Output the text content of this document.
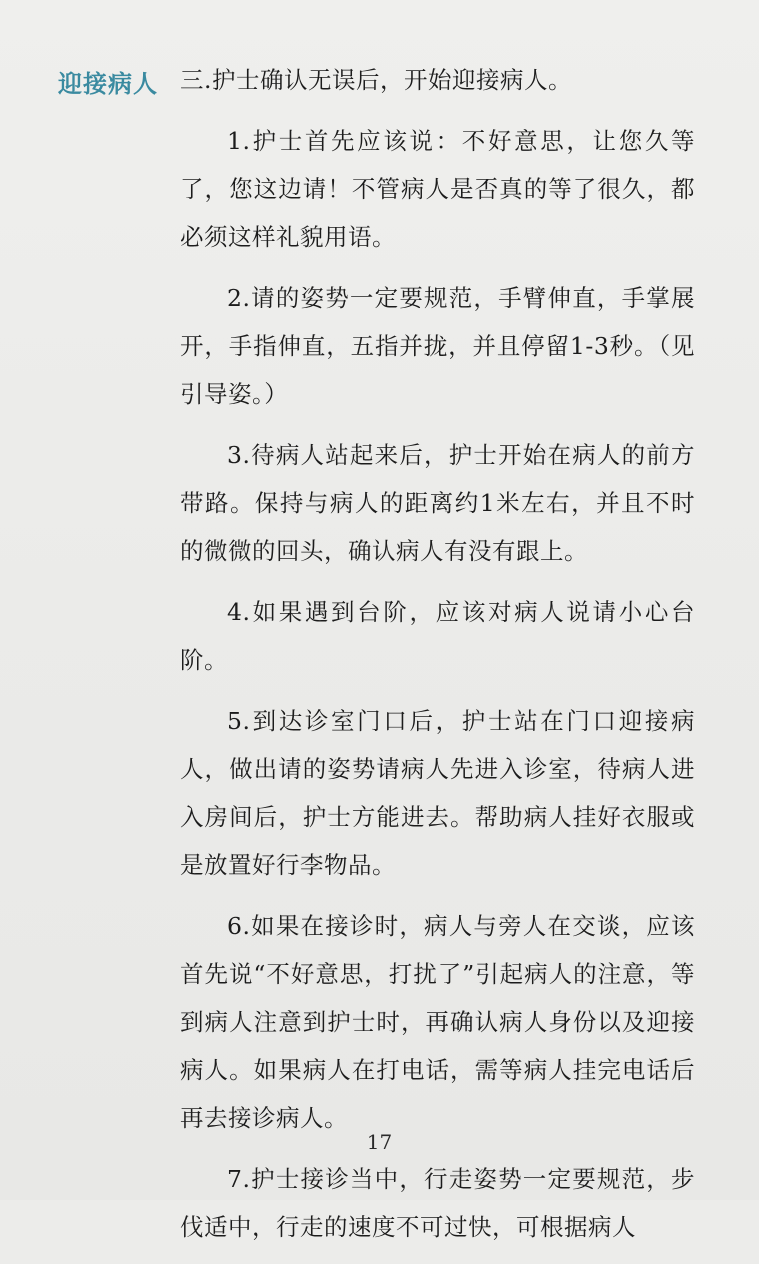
迎接病人 三.护士确认无误后，开始迎接病人。

1.护士首先应该说：不好意思，让您久等了，您这边请！不管病人是否真的等了很久，都必须这样礼貌用语。

2.请的姿势一定要规范，手臂伸直，手掌展开，手指伸直，五指并拢，并且停留1-3秒。（见引导姿。）

3.待病人站起来后，护士开始在病人的前方带路。保持与病人的距离约1米左右，并且不时的微微的回头，确认病人有没有跟上。

4.如果遇到台阶，应该对病人说请小心台阶。

5.到达诊室门口后，护士站在门口迎接病人，做出请的姿势请病人先进入诊室，待病人进入房间后，护士方能进去。帮助病人挂好衣服或是放置好行李物品。

6.如果在接诊时，病人与旁人在交谈，应该首先说“不好意思，打扰了”引起病人的注意，等到病人注意到护士时，再确认病人身份以及迎接病人。如果病人在打电话，需等病人挂完电话后再去接诊病人。

7.护士接诊当中，行走姿势一定要规范，步伐适中，行走的速度不可过快，可根据病人

17
